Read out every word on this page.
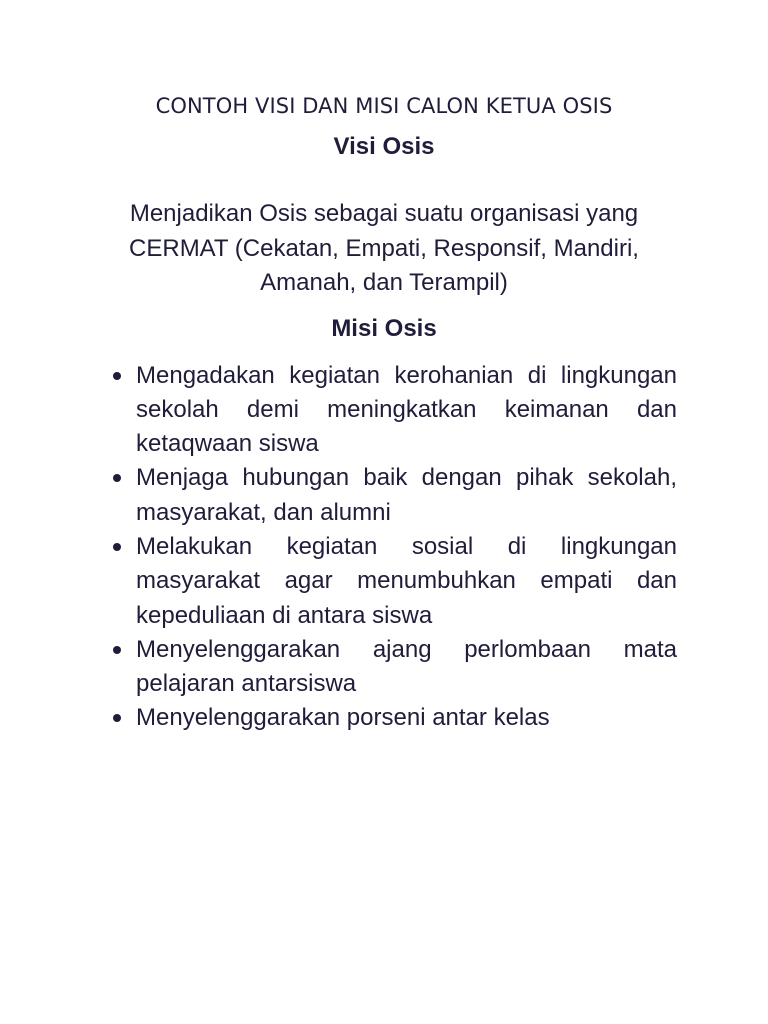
CONTOH VISI DAN MISI CALON KETUA OSIS
Visi Osis

Menjadikan Osis sebagai suatu organisasi yang CERMAT (Cekatan, Empati, Responsif, Mandiri, Amanah, dan Terampil)

Misi Osis
Mengadakan kegiatan kerohanian di lingkungan sekolah demi meningkatkan keimanan dan ketaqwaan siswa
Menjaga hubungan baik dengan pihak sekolah, masyarakat, dan alumni
Melakukan kegiatan sosial di lingkungan masyarakat agar menumbuhkan empati dan kepeduliaan di antara siswa
Menyelenggarakan ajang perlombaan mata pelajaran antarsiswa
Menyelenggarakan porseni antar kelas
